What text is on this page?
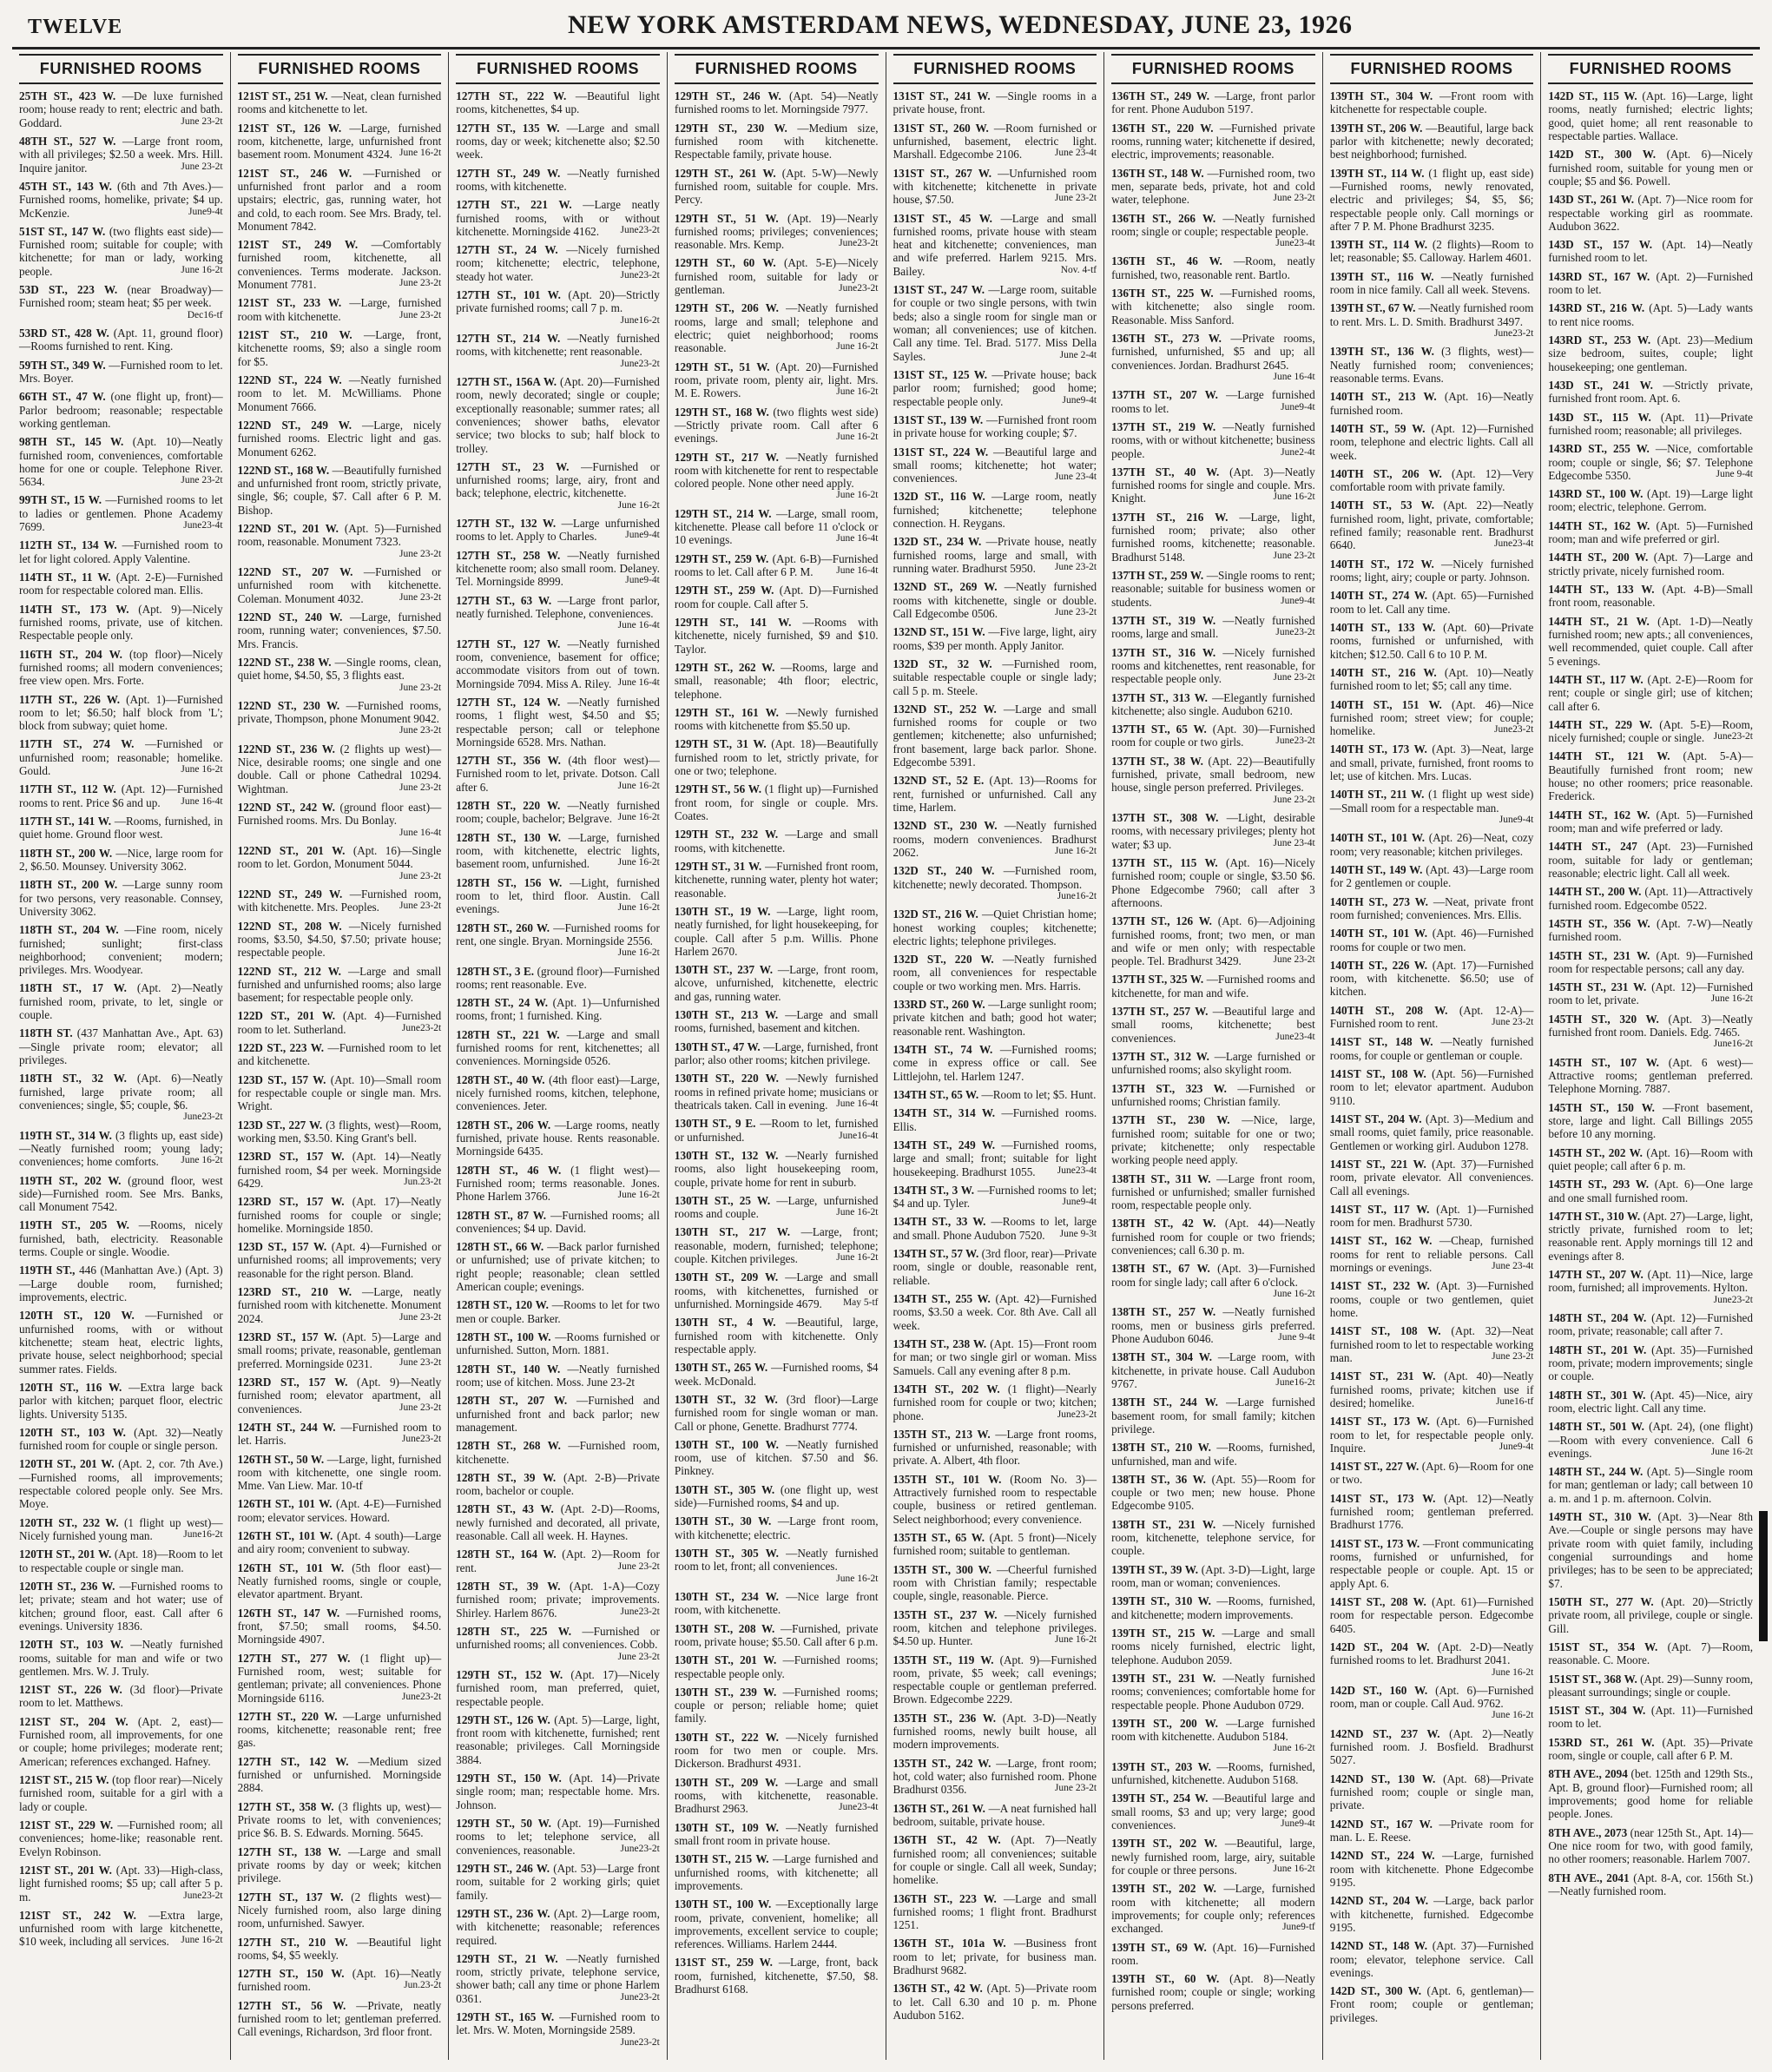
TWELVE	NEW YORK AMSTERDAM NEWS, WEDNESDAY, JUNE 23, 1926
FURNISHED ROOMS

25TH ST., 423 W. —De luxe furnished room; house ready to rent; electric and bath. Goddard.	June 23-2t

48TH ST., 527 W. —Large front room, with all privileges; $2.50 a week. Mrs. Hill. Inquire janitor.	June 23-2t

45TH ST., 143 W. (6th and 7th Aves.)—Furnished rooms, homelike, private; $4 up. McKenzie.	June9-4t

51ST ST., 147 W. (two flights east side)—Furnished room; suitable for couple; with kitchenette; for man or lady, working people.	June 16-2t

53D ST., 223 W. (near Broadway)—Furnished room; steam heat; $5 per week.
Dec16-tf

53RD ST., 428 W. (Apt. 11, ground floor)—Rooms furnished to rent. King.

59TH ST., 349 W. —Furnished room to let. Mrs. Boyer.

66TH ST., 47 W. (one flight up, front)—Parlor bedroom; reasonable; respectable working gentleman.

98TH ST., 145 W. (Apt. 10)—Neatly furnished room, conveniences, comfortable home for one or couple. Telephone River. 5634.	June 23-2t

99TH ST., 15 W. —Furnished rooms to let to ladies or gentlemen. Phone Academy 7699.	June23-4t

112TH ST., 134 W. —Furnished room to let for light colored. Apply Valentine.

114TH ST., 11 W. (Apt. 2-E)—Furnished room for respectable colored man. Ellis.

114TH ST., 173 W. (Apt. 9)—Nicely furnished rooms, private, use of kitchen. Respectable people only.

116TH ST., 204 W. (top floor)—Nicely furnished rooms; all modern conveniences; free view open. Mrs. Forte.

117TH ST., 226 W. (Apt. 1)—Furnished room to let; $6.50; half block from 'L'; block from subway; quiet home.

117TH ST., 274 W. —Furnished or unfurnished room; reasonable; homelike. Gould.	June 16-2t

117TH ST., 112 W. (Apt. 12)—Furnished rooms to rent. Price $6 and up. June 16-4t

117TH ST., 141 W. —Rooms, furnished, in quiet home. Ground floor west.

118TH ST., 200 W. —Nice, large room for 2, $6.50. Mounsey. University 3062.

118TH ST., 200 W. —Large sunny room for two persons, very reasonable. Connsey, University 3062.

118TH ST., 204 W. —Fine room, nicely furnished; sunlight; first-class neighborhood; convenient; modern; privileges. Mrs. Woodyear.

118TH ST., 17 W. (Apt. 2)—Neatly furnished room, private, to let, single or couple.

118TH ST. (437 Manhattan Ave., Apt. 63)—Single private room; elevator; all privileges.

118TH ST., 32 W. (Apt. 6)—Neatly furnished, large private room; all conveniences; single, $5; couple, $6.
June23-2t

119TH ST., 314 W. (3 flights up, east side)—Neatly furnished room; young lady; conveniences; home comforts. June 16-2t

119TH ST., 202 W. (ground floor, west side)—Furnished room. See Mrs. Banks, call Monument 7542.

119TH ST., 205 W. —Rooms, nicely furnished, bath, electricity. Reasonable terms. Couple or single. Woodie.

119TH ST., 446 (Manhattan Ave.) (Apt. 3)—Large double room, furnished; improvements, electric.

120TH ST., 120 W. —Furnished or unfurnished rooms, with or without kitchenette; steam heat, electric lights, private house, select neighborhood; special summer rates. Fields.

120TH ST., 116 W. —Extra large back parlor with kitchen; parquet floor, electric lights. University 5135.

120TH ST., 103 W. (Apt. 32)—Neatly furnished room for couple or single person.

120TH ST., 201 W. (Apt. 2, cor. 7th Ave.)—Furnished rooms, all improvements; respectable colored people only. See Mrs. Moye.

120TH ST., 232 W. (1 flight up west)—Nicely furnished young man.	June16-2t

120TH ST., 201 W. (Apt. 18)—Room to let to respectable couple or single man.

120TH ST., 236 W. —Furnished rooms to let; private; steam and hot water; use of kitchen; ground floor, east. Call after 6 evenings. University 1836.

120TH ST., 103 W. —Neatly furnished rooms, suitable for man and wife or two gentlemen. Mrs. W. J. Truly.

121ST ST., 226 W. (3d floor)—Private room to let. Matthews.

121ST ST., 204 W. (Apt. 2, east)—Furnished room, all improvements, for one or couple; home privileges; moderate rent; American; references exchanged. Hafney.

121ST ST., 215 W. (top floor rear)—Nicely furnished room, suitable for a girl with a lady or couple.

121ST ST., 229 W. —Furnished room; all conveniences; home-like; reasonable rent. Evelyn Robinson.

121ST ST., 201 W. (Apt. 33)—High-class, light furnished rooms; $5 up; call after 5 p. m.	June23-2t

121ST ST., 242 W. —Extra large, unfurnished room with large kitchenette, $10 week, including all services. June 16-2t

FURNISHED ROOMS

121ST ST., 251 W. —Neat, clean furnished rooms and kitchenette to let.

121ST ST., 126 W. —Large, furnished room, kitchenette, large, unfurnished front basement room. Monument 4324. June 16-2t

121ST ST., 246 W. —Furnished or unfurnished front parlor and a room upstairs; electric, gas, running water, hot and cold, to each room. See Mrs. Brady, tel. Monument 7842.

121ST ST., 249 W. —Comfortably furnished room, kitchenette, all conveniences. Terms moderate. Jackson. Monument 7781.	June 23-2t

121ST ST., 233 W. —Large, furnished room with kitchenette.	June 23-2t

121ST ST., 210 W. —Large, front, kitchenette rooms, $9; also a single room for $5.

122ND ST., 224 W. —Neatly furnished room to let. M. McWilliams. Phone Monument 7666.

122ND ST., 249 W. —Large, nicely furnished rooms. Electric light and gas. Monument 6262.

122ND ST., 168 W. —Beautifully furnished and unfurnished front room, strictly private, single, $6; couple, $7. Call after 6 P. M. Bishop.

122ND ST., 201 W. (Apt. 5)—Furnished room, reasonable. Monument 7323.
June 23-2t

122ND ST., 207 W. —Furnished or unfurnished room with kitchenette. Coleman. Monument 4032.	June 23-2t

122ND ST., 240 W. —Large, furnished room, running water; conveniences, $7.50. Mrs. Francis.

122ND ST., 238 W. —Single rooms, clean, quiet home, $4.50, $5, 3 flights east.
June 23-2t

122ND ST., 230 W. —Furnished rooms, private, Thompson, phone Monument 9042.
June 23-2t

122ND ST., 236 W. (2 flights up west)—Nice, desirable rooms; one single and one double. Call or phone Cathedral 10294. Wightman.	June 23-2t

122ND ST., 242 W. (ground floor east)—Furnished rooms. Mrs. Du Bonlay.
June 16-4t

122ND ST., 201 W. (Apt. 16)—Single room to let. Gordon, Monument 5044.
June 23-2t

122ND ST., 249 W. —Furnished room, with kitchenette. Mrs. Peoples. June 23-2t

122ND ST., 208 W. —Nicely furnished rooms, $3.50, $4.50, $7.50; private house; respectable people.

122ND ST., 212 W. —Large and small furnished and unfurnished rooms; also large basement; for respectable people only.

122D ST., 201 W. (Apt. 4)—Furnished room to let. Sutherland.	June23-2t

122D ST., 223 W. —Furnished room to let and kitchenette.

123D ST., 157 W. (Apt. 10)—Small room for respectable couple or single man. Mrs. Wright.

123D ST., 227 W. (3 flights, west)—Room, working men, $3.50. King Grant's bell.

123RD ST., 157 W. (Apt. 14)—Neatly furnished room, $4 per week. Morningside 6429.	Jun.23-2t

123RD ST., 157 W. (Apt. 17)—Neatly furnished rooms for couple or single; homelike. Morningside 1850.

123D ST., 157 W. (Apt. 4)—Furnished or unfurnished rooms; all improvements; very reasonable for the right person. Bland.

123RD ST., 210 W. —Large, neatly furnished room with kitchenette. Monument 2024.	June 23-2t

123RD ST., 157 W. (Apt. 5)—Large and small rooms; private, reasonable, gentleman preferred. Morningside 0231.	June 23-2t

123RD ST., 157 W. (Apt. 9)—Neatly furnished room; elevator apartment, all conveniences.	June 23-2t

124TH ST., 244 W. —Furnished room to let. Harris.	June23-2t

126TH ST., 50 W. —Large, light, furnished room with kitchenette, one single room. Mme. Van Liew. Mar. 10-tf

126TH ST., 101 W. (Apt. 4-E)—Furnished room; elevator services. Howard.

126TH ST., 101 W. (Apt. 4 south)—Large and airy room; convenient to subway.

126TH ST., 101 W. (5th floor east)—Neatly furnished rooms, single or couple, elevator apartment. Bryant.

126TH ST., 147 W. —Furnished rooms, front, $7.50; small rooms, $4.50. Morningside 4907.

127TH ST., 277 W. (1 flight up)—Furnished room, west; suitable for gentleman; private; all conveniences. Phone Morningside 6116.	June23-2t

127TH ST., 220 W. —Large unfurnished rooms, kitchenette; reasonable rent; free gas.

127TH ST., 142 W. —Medium sized furnished or unfurnished. Morningside 2884.

127TH ST., 358 W. (3 flights up, west)—Private rooms to let, with conveniences; price $6. B. S. Edwards. Morning. 5645.

127TH ST., 138 W. —Large and small private rooms by day or week; kitchen privilege.

127TH ST., 137 W. (2 flights west)—Nicely furnished room, also large dining room, unfurnished. Sawyer.

127TH ST., 210 W. —Beautiful light rooms, $4, $5 weekly.

127TH ST., 150 W. (Apt. 16)—Neatly furnished room.	Jun.23-2t

127TH ST., 56 W. —Private, neatly furnished room to let; gentleman preferred. Call evenings, Richardson, 3rd floor front.

FURNISHED ROOMS

127TH ST., 222 W. —Beautiful light rooms, kitchenettes, $4 up.

127TH ST., 135 W. —Large and small rooms, day or week; kitchenette also; $2.50 week.

127TH ST., 249 W. —Neatly furnished rooms, with kitchenette.

127TH ST., 221 W. —Large neatly furnished rooms, with or without kitchenette. Morningside 4162. June23-2t

127TH ST., 24 W. —Nicely furnished room; kitchenette; electric, telephone, steady hot water.	June23-2t

127TH ST., 101 W. (Apt. 20)—Strictly private furnished rooms; call 7 p. m.
June16-2t

127TH ST., 214 W. —Neatly furnished rooms, with kitchenette; rent reasonable.
June23-2t

127TH ST., 156A W. (Apt. 20)—Furnished room, newly decorated; single or couple; exceptionally reasonable; summer rates; all conveniences; shower baths, elevator service; two blocks to sub; half block to trolley.

127TH ST., 23 W. —Furnished or unfurnished rooms; large, airy, front and back; telephone, electric, kitchenette.
June 16-2t

127TH ST., 132 W. —Large unfurnished rooms to let. Apply to Charles.	June9-4t

127TH ST., 258 W. —Neatly furnished kitchenette room; also small room. Delaney. Tel. Morningside 8999.	June9-4t

127TH ST., 63 W. —Large front parlor, neatly furnished. Telephone, conveniences.
June 16-4t

127TH ST., 127 W. —Neatly furnished room, convenience, basement for office; accommodate visitors from out of town. Morningside 7094. Miss A. Riley. June 16-4t

127TH ST., 124 W. —Neatly furnished rooms, 1 flight west, $4.50 and $5; respectable person; call or telephone Morningside 6528. Mrs. Nathan.

127TH ST., 356 W. (4th floor west)—Furnished room to let, private. Dotson. Call after 6.	June 16-2t

128TH ST., 220 W. —Neatly furnished room; couple, bachelor; Belgrave. June 16-2t

128TH ST., 130 W. —Large, furnished room, with kitchenette, electric lights, basement room, unfurnished.	June 16-2t

128TH ST., 156 W. —Light, furnished room to let, third floor. Austin. Call evenings.	June 16-2t

128TH ST., 260 W. —Furnished rooms for rent, one single. Bryan. Morningside 2556.
June 16-2t

128TH ST., 3 E. (ground floor)—Furnished rooms; rent reasonable. Eve.

128TH ST., 24 W. (Apt. 1)—Unfurnished rooms, front; 1 furnished. King.

128TH ST., 221 W. —Large and small furnished rooms for rent, kitchenettes; all conveniences. Morningside 0526.

128TH ST., 40 W. (4th floor east)—Large, nicely furnished rooms, kitchen, telephone, conveniences. Jeter.

128TH ST., 206 W. —Large rooms, neatly furnished, private house. Rents reasonable. Morningside 6435.

128TH ST., 46 W. (1 flight west)—Furnished room; terms reasonable. Jones. Phone Harlem 3766.	June 16-2t

128TH ST., 87 W. —Furnished rooms; all conveniences; $4 up. David.

128TH ST., 66 W. —Back parlor furnished or unfurnished; use of private kitchen; to right people; reasonable; clean settled American couple; evenings.

128TH ST., 120 W. —Rooms to let for two men or couple. Barker.

128TH ST., 100 W. —Rooms furnished or unfurnished. Sutton, Morn. 1881.

128TH ST., 140 W. —Neatly furnished room; use of kitchen. Moss. June 23-2t

128TH ST., 207 W. —Furnished and unfurnished front and back parlor; new management.

128TH ST., 268 W. —Furnished room, kitchenette.

128TH ST., 39 W. (Apt. 2-B)—Private room, bachelor or couple.

128TH ST., 43 W. (Apt. 2-D)—Rooms, newly furnished and decorated, all private, reasonable. Call all week. H. Haynes.

128TH ST., 164 W. (Apt. 2)—Room for rent.	June 23-2t

128TH ST., 39 W. (Apt. 1-A)—Cozy furnished room; private; improvements. Shirley. Harlem 8676.	June23-2t

128TH ST., 225 W. —Furnished or unfurnished rooms; all conveniences. Cobb.
June 23-2t

129TH ST., 152 W. (Apt. 17)—Nicely furnished room, man preferred, quiet, respectable people.

129TH ST., 126 W. (Apt. 5)—Large, light, front room with kitchenette, furnished; rent reasonable; privileges. Call Morningside 3884.

129TH ST., 150 W. (Apt. 14)—Private single room; man; respectable home. Mrs. Johnson.

129TH ST., 50 W. (Apt. 19)—Furnished rooms to let; telephone service, all conveniences, reasonable.	June23-2t

129TH ST., 246 W. (Apt. 53)—Large front room, suitable for 2 working girls; quiet family.

129TH ST., 236 W. (Apt. 2)—Large room, with kitchenette; reasonable; references required.

129TH ST., 21 W. —Neatly furnished room, strictly private, telephone service, shower bath; call any time or phone Harlem 0361.	June23-2t

129TH ST., 165 W. —Furnished room to let. Mrs. W. Moten, Morningside 2589.
June23-2t

FURNISHED ROOMS

129TH ST., 246 W. (Apt. 54)—Neatly furnished rooms to let. Morningside 7977.

129TH ST., 230 W. —Medium size, furnished room with kitchenette. Respectable family, private house.

129TH ST., 261 W. (Apt. 5-W)—Newly furnished room, suitable for couple. Mrs. Percy.

129TH ST., 51 W. (Apt. 19)—Nearly furnished rooms; privileges; conveniences; reasonable. Mrs. Kemp.	June23-2t

129TH ST., 60 W. (Apt. 5-E)—Nicely furnished room, suitable for lady or gentleman.	June23-2t

129TH ST., 206 W. —Neatly furnished rooms, large and small; telephone and electric; quiet neighborhood; rooms reasonable.	June 16-2t

129TH ST., 51 W. (Apt. 20)—Furnished room, private room, plenty air, light. Mrs. M. E. Rowers.	June 16-2t

129TH ST., 168 W. (two flights west side)—Strictly private room. Call after 6 evenings.	June 16-2t

129TH ST., 217 W. —Neatly furnished room with kitchenette for rent to respectable colored people. None other need apply.
June 16-2t

129TH ST., 214 W. —Large, small room, kitchenette. Please call before 11 o'clock or 10 evenings.	June 16-4t

129TH ST., 259 W. (Apt. 6-B)—Furnished rooms to let. Call after 6 P. M. June 16-4t

129TH ST., 259 W. (Apt. D)—Furnished room for couple. Call after 5.

129TH ST., 141 W. —Rooms with kitchenette, nicely furnished, $9 and $10. Taylor.

129TH ST., 262 W. —Rooms, large and small, reasonable; 4th floor; electric, telephone.

129TH ST., 161 W. —Newly furnished rooms with kitchenette from $5.50 up.

129TH ST., 31 W. (Apt. 18)—Beautifully furnished room to let, strictly private, for one or two; telephone.

129TH ST., 56 W. (1 flight up)—Furnished front room, for single or couple. Mrs. Coates.

129TH ST., 232 W. —Large and small rooms, with kitchenette.

129TH ST., 31 W. —Furnished front room, kitchenette, running water, plenty hot water; reasonable.

130TH ST., 19 W. —Large, light room, neatly furnished, for light housekeeping, for couple. Call after 5 p.m. Willis. Phone Harlem 2670.

130TH ST., 237 W. —Large, front room, alcove, unfurnished, kitchenette, electric and gas, running water.

130TH ST., 213 W. —Large and small rooms, furnished, basement and kitchen.

130TH ST., 47 W. —Large, furnished, front parlor; also other rooms; kitchen privilege.

130TH ST., 220 W. —Newly furnished rooms in refined private home; musicians or theatricals taken. Call in evening. June 16-4t

130TH ST., 9 E. —Room to let, furnished or unfurnished.	June16-4t

130TH ST., 132 W. —Nearly furnished rooms, also light housekeeping room, couple, private home for rent in suburb.

130TH ST., 25 W. —Large, unfurnished rooms and couple.	June 16-2t

130TH ST., 217 W. —Large, front; reasonable, modern, furnished; telephone; couple. Kitchen privileges.	June 16-2t

130TH ST., 209 W. —Large and small rooms, with kitchenettes, furnished or unfurnished. Morningside 4679. May 5-tf

130TH ST., 4 W. —Beautiful, large, furnished room with kitchenette. Only respectable apply.

130TH ST., 265 W. —Furnished rooms, $4 week. McDonald.

130TH ST., 32 W. (3rd floor)—Large furnished room for single woman or man. Call or phone, Genette. Bradhurst 7774.

130TH ST., 100 W. —Neatly furnished room, use of kitchen. $7.50 and $6. Pinkney.

130TH ST., 305 W. (one flight up, west side)—Furnished rooms, $4 and up.

130TH ST., 30 W. —Large front room, with kitchenette; electric.

130TH ST., 305 W. —Neatly furnished room to let, front; all conveniences.
June 16-2t

130TH ST., 234 W. —Nice large front room, with kitchenette.

130TH ST., 208 W. —Furnished, private room, private house; $5.50. Call after 6 p.m.

130TH ST., 201 W. —Furnished rooms; respectable people only.

130TH ST., 239 W. —Furnished rooms; couple or person; reliable home; quiet family.

130TH ST., 222 W. —Nicely furnished room for two men or couple. Mrs. Dickerson. Bradhurst 4931.

130TH ST., 209 W. —Large and small rooms, with kitchenette, reasonable. Bradhurst 2963.	June23-4t

130TH ST., 109 W. —Neatly furnished small front room in private house.

130TH ST., 215 W. —Large furnished and unfurnished rooms, with kitchenette; all improvements.

130TH ST., 100 W. —Exceptionally large room, private, convenient, homelike; all improvements, excellent service to couple; references. Williams. Harlem 2444.

131ST ST., 259 W. —Large, front, back room, furnished, kitchenette, $7.50, $8. Bradhurst 6168.

FURNISHED ROOMS

131ST ST., 241 W. —Single rooms in a private house, front.

131ST ST., 260 W. —Room furnished or unfurnished, basement, electric light. Marshall. Edgecombe 2106.	June 23-4t

131ST ST., 267 W. —Unfurnished room with kitchenette; kitchenette in private house, $7.50.	June 23-2t

131ST ST., 45 W. —Large and small furnished rooms, private house with steam heat and kitchenette; conveniences, man and wife preferred. Harlem 9215. Mrs. Bailey.	Nov. 4-tf

131ST ST., 247 W. —Large room, suitable for couple or two single persons, with twin beds; also a single room for single man or woman; all conveniences; use of kitchen. Call any time. Tel. Brad. 5177. Miss Della Sayles.	June 2-4t

131ST ST., 125 W. —Private house; back parlor room; furnished; good home; respectable people only.	June9-4t

131ST ST., 139 W. —Furnished front room in private house for working couple; $7.

131ST ST., 224 W. —Beautiful large and small rooms; kitchenette; hot water; conveniences.	June 23-4t

132D ST., 116 W. —Large room, neatly furnished; kitchenette; telephone connection. H. Reygans.

132D ST., 234 W. —Private house, neatly furnished rooms, large and small, with running water. Bradhurst 5950. June 23-2t

132ND ST., 269 W. —Neatly furnished rooms with kitchenette, single or double. Call Edgecombe 0506.	June 23-2t

132ND ST., 151 W. —Five large, light, airy rooms, $39 per month. Apply Janitor.

132D ST., 32 W. —Furnished room, suitable respectable couple or single lady; call 5 p. m. Steele.

132ND ST., 252 W. —Large and small furnished rooms for couple or two gentlemen; kitchenette; also unfurnished; front basement, large back parlor. Shone. Edgecombe 5391.

132ND ST., 52 E. (Apt. 13)—Rooms for rent, furnished or unfurnished. Call any time, Harlem.

132ND ST., 230 W. —Neatly furnished rooms, modern conveniences. Bradhurst 2062.	June 16-2t

132D ST., 240 W. —Furnished room, kitchenette; newly decorated. Thompson.
June16-2t

132D ST., 216 W. —Quiet Christian home; honest working couples; kitchenette; electric lights; telephone privileges.

132D ST., 220 W. —Neatly furnished room, all conveniences for respectable couple or two working men. Mrs. Harris.

133RD ST., 260 W. —Large sunlight room; private kitchen and bath; good hot water; reasonable rent. Washington.

134TH ST., 74 W. —Furnished rooms; come in express office or call. See Littlejohn, tel. Harlem 1247.

134TH ST., 65 W. —Room to let; $5. Hunt.

134TH ST., 314 W. —Furnished rooms. Ellis.

134TH ST., 249 W. —Furnished rooms, large and small; front; suitable for light housekeeping. Bradhurst 1055. June23-4t

134TH ST., 3 W. —Furnished rooms to let; $4 and up. Tyler.	June9-4t

134TH ST., 33 W. —Rooms to let, large and small. Phone Audubon 7520. June 9-3t

134TH ST., 57 W. (3rd floor, rear)—Private room, single or double, reasonable rent, reliable.

134TH ST., 255 W. (Apt. 42)—Furnished rooms, $3.50 a week. Cor. 8th Ave. Call all week.

134TH ST., 238 W. (Apt. 15)—Front room for man; or two single girl or woman. Miss Samuels. Call any evening after 8 p.m.

134TH ST., 202 W. (1 flight)—Nearly furnished room for couple or two; kitchen; phone.	June23-2t

135TH ST., 213 W. —Large front rooms, furnished or unfurnished, reasonable; with private. A. Albert, 4th floor.

135TH ST., 101 W. (Room No. 3)—Attractively furnished room to respectable couple, business or retired gentleman. Select neighborhood; every convenience.

135TH ST., 65 W. (Apt. 5 front)—Nicely furnished room; suitable to gentleman.

135TH ST., 300 W. —Cheerful furnished room with Christian family; respectable couple, single, reasonable. Pierce.

135TH ST., 237 W. —Nicely furnished room, kitchen and telephone privileges. $4.50 up. Hunter.	June 16-2t

135TH ST., 119 W. (Apt. 9)—Furnished room, private, $5 week; call evenings; respectable couple or gentleman preferred. Brown. Edgecombe 2229.

135TH ST., 236 W. (Apt. 3-D)—Neatly furnished rooms, newly built house, all modern improvements.

135TH ST., 242 W. —Large, front room; hot, cold water; also furnished room. Phone Bradhurst 0356.	June 23-2t

136TH ST., 261 W. —A neat furnished hall bedroom, suitable, private house.

136TH ST., 42 W. (Apt. 7)—Neatly furnished room; all conveniences; suitable for couple or single. Call all week, Sunday; homelike.

136TH ST., 223 W. —Large and small furnished rooms; 1 flight front. Bradhurst 1251.

136TH ST., 101a W. —Business front room to let; private, for business man. Bradhurst 9682.

136TH ST., 42 W. (Apt. 5)—Private room to let. Call 6.30 and 10 p. m. Phone Audubon 5162.

FURNISHED ROOMS

136TH ST., 249 W. —Large, front parlor for rent. Phone Audubon 5197.

136TH ST., 220 W. —Furnished private rooms, running water; kitchenette if desired, electric, improvements; reasonable.

136TH ST., 148 W. —Furnished room, two men, separate beds, private, hot and cold water, telephone.	June 23-2t

136TH ST., 266 W. —Neatly furnished room; single or couple; respectable people.
June23-4t

136TH ST., 46 W. —Room, neatly furnished, two, reasonable rent. Bartlo.

136TH ST., 225 W. —Furnished rooms, with kitchenette; also single room. Reasonable. Miss Sanford.

136TH ST., 273 W. —Private rooms, furnished, unfurnished, $5 and up; all conveniences. Jordan. Bradhurst 2645.
June 16-4t

137TH ST., 207 W. —Large furnished rooms to let.	June9-4t

137TH ST., 219 W. —Neatly furnished rooms, with or without kitchenette; business people.	June2-4t

137TH ST., 40 W. (Apt. 3)—Neatly furnished rooms for single and couple. Mrs. Knight.	June 16-2t

137TH ST., 216 W. —Large, light, furnished room; private; also other furnished rooms, kitchenette; reasonable. Bradhurst 5148.	June 23-2t

137TH ST., 259 W. —Single rooms to rent; reasonable; suitable for business women or students.	June9-4t

137TH ST., 319 W. —Neatly furnished rooms, large and small.	June23-2t

137TH ST., 316 W. —Nicely furnished rooms and kitchenettes, rent reasonable, for respectable people only.	June 23-2t

137TH ST., 313 W. —Elegantly furnished kitchenette; also single. Audubon 6210.

137TH ST., 65 W. (Apt. 30)—Furnished room for couple or two girls.	June23-2t

137TH ST., 38 W. (Apt. 22)—Beautifully furnished, private, small bedroom, new house, single person preferred. Privileges.
June 23-2t

137TH ST., 308 W. —Light, desirable rooms, with necessary privileges; plenty hot water; $3 up.	June 23-4t

137TH ST., 115 W. (Apt. 16)—Nicely furnished room; couple or single, $3.50 $6. Phone Edgecombe 7960; call after 3 afternoons.

137TH ST., 126 W. (Apt. 6)—Adjoining furnished rooms, front; two men, or man and wife or men only; with respectable people. Tel. Bradhurst 3429.	June 23-2t

137TH ST., 325 W. —Furnished rooms and kitchenette, for man and wife.

137TH ST., 257 W. —Beautiful large and small rooms, kitchenette; best conveniences.	June23-4t

137TH ST., 312 W. —Large furnished or unfurnished rooms; also skylight room.

137TH ST., 323 W. —Furnished or unfurnished rooms; Christian family.

137TH ST., 230 W. —Nice, large, furnished room; suitable for one or two; private; kitchenette; only respectable working people need apply.

138TH ST., 311 W. —Large front room, furnished or unfurnished; smaller furnished room, respectable people only.

138TH ST., 42 W. (Apt. 44)—Neatly furnished room for couple or two friends; conveniences; call 6.30 p. m.

138TH ST., 67 W. (Apt. 3)—Furnished room for single lady; call after 6 o'clock.
June 16-2t

138TH ST., 257 W. —Neatly furnished rooms, men or business girls preferred. Phone Audubon 6046.	June 9-4t

138TH ST., 304 W. —Large room, with kitchenette, in private house. Call Audubon 9767.	June16-2t

138TH ST., 244 W. —Large furnished basement room, for small family; kitchen privilege.

138TH ST., 210 W. —Rooms, furnished, unfurnished, man and wife.

138TH ST., 36 W. (Apt. 55)—Room for couple or two men; new house. Phone Edgecombe 9105.

138TH ST., 231 W. —Nicely furnished room, kitchenette, telephone service, for couple.

139TH ST., 39 W. (Apt. 3-D)—Light, large room, man or woman; conveniences.

139TH ST., 310 W. —Rooms, furnished, and kitchenette; modern improvements.

139TH ST., 215 W. —Large and small rooms nicely furnished, electric light, telephone. Audubon 2059.

139TH ST., 231 W. —Neatly furnished rooms; conveniences; comfortable home for respectable people. Phone Audubon 0729.

139TH ST., 200 W. —Large furnished room with kitchenette. Audubon 5184.
June 16-2t

139TH ST., 203 W. —Rooms, furnished, unfurnished, kitchenette. Audubon 5168.

139TH ST., 254 W. —Beautiful large and small rooms, $3 and up; very large; good conveniences.	June9-4t

139TH ST., 202 W. —Beautiful, large, newly furnished room, large, airy, suitable for couple or three persons.	June 16-2t

139TH ST., 202 W. —Large, furnished room with kitchenette; all modern improvements; for couple only; references exchanged.	June9-tf

139TH ST., 69 W. (Apt. 16)—Furnished room.

139TH ST., 60 W. (Apt. 8)—Neatly furnished room; couple or single; working persons preferred.

FURNISHED ROOMS

139TH ST., 304 W. —Front room with kitchenette for respectable couple.

139TH ST., 206 W. —Beautiful, large back parlor with kitchenette; newly decorated; best neighborhood; furnished.

139TH ST., 114 W. (1 flight up, east side)—Furnished rooms, newly renovated, electric and privileges; $4, $5, $6; respectable people only. Call mornings or after 7 P. M. Phone Bradhurst 3235.

139TH ST., 114 W. (2 flights)—Room to let; reasonable; $5. Calloway. Harlem 4601.

139TH ST., 116 W. —Neatly furnished room in nice family. Call all week. Stevens.

139TH ST., 67 W. —Neatly furnished room to rent. Mrs. L. D. Smith. Bradhurst 3497.
June23-2t

139TH ST., 136 W. (3 flights, west)—Neatly furnished room; conveniences; reasonable terms. Evans.

140TH ST., 213 W. (Apt. 16)—Neatly furnished room.

140TH ST., 59 W. (Apt. 12)—Furnished room, telephone and electric lights. Call all week.

140TH ST., 206 W. (Apt. 12)—Very comfortable room with private family.

140TH ST., 53 W. (Apt. 22)—Neatly furnished room, light, private, comfortable; refined family; reasonable rent. Bradhurst 6640.	June23-4t

140TH ST., 172 W. —Nicely furnished rooms; light, airy; couple or party. Johnson.

140TH ST., 274 W. (Apt. 65)—Furnished room to let. Call any time.

140TH ST., 133 W. (Apt. 60)—Private rooms, furnished or unfurnished, with kitchen; $12.50. Call 6 to 10 P. M.

140TH ST., 216 W. (Apt. 10)—Neatly furnished room to let; $5; call any time.

140TH ST., 151 W. (Apt. 46)—Nice furnished room; street view; for couple; homelike.	June23-2t

140TH ST., 173 W. (Apt. 3)—Neat, large and small, private, furnished, front rooms to let; use of kitchen. Mrs. Lucas.

140TH ST., 211 W. (1 flight up west side)—Small room for a respectable man.
June9-4t

140TH ST., 101 W. (Apt. 26)—Neat, cozy room; very reasonable; kitchen privileges.

140TH ST., 149 W. (Apt. 43)—Large room for 2 gentlemen or couple.

140TH ST., 273 W. —Neat, private front room furnished; conveniences. Mrs. Ellis.

140TH ST., 101 W. (Apt. 46)—Furnished rooms for couple or two men.

140TH ST., 226 W. (Apt. 17)—Furnished room, with kitchenette. $6.50; use of kitchen.

140TH ST., 208 W. (Apt. 12-A)—Furnished room to rent.	June 23-2t

141ST ST., 148 W. —Neatly furnished rooms, for couple or gentleman or couple.

141ST ST., 108 W. (Apt. 56)—Furnished room to let; elevator apartment. Audubon 9110.

141ST ST., 204 W. (Apt. 3)—Medium and small rooms, quiet family, price reasonable. Gentlemen or working girl. Audubon 1278.

141ST ST., 221 W. (Apt. 37)—Furnished room, private elevator. All conveniences. Call all evenings.

141ST ST., 117 W. (Apt. 1)—Furnished room for men. Bradhurst 5730.

141ST ST., 162 W. —Cheap, furnished rooms for rent to reliable persons. Call mornings or evenings.	June 23-4t

141ST ST., 232 W. (Apt. 3)—Furnished rooms, couple or two gentlemen, quiet home.

141ST ST., 108 W. (Apt. 32)—Neat furnished room to let to respectable working man.	June 23-2t

141ST ST., 231 W. (Apt. 40)—Neatly furnished rooms, private; kitchen use if desired; homelike.	June16-tf

141ST ST., 173 W. (Apt. 6)—Furnished room to let, for respectable people only. Inquire.	June9-4t

141ST ST., 227 W. (Apt. 6)—Room for one or two.

141ST ST., 173 W. (Apt. 12)—Neatly furnished room; gentleman preferred. Bradhurst 1776.

141ST ST., 173 W. —Front communicating rooms, furnished or unfurnished, for respectable people or couple. Apt. 15 or apply Apt. 6.

141ST ST., 208 W. (Apt. 61)—Furnished room for respectable person. Edgecombe 6405.

142D ST., 204 W. (Apt. 2-D)—Neatly furnished rooms to let. Bradhurst 2041.
June 16-2t

142D ST., 160 W. (Apt. 6)—Furnished room, man or couple. Call Aud. 9762.
June 16-2t

142ND ST., 237 W. (Apt. 2)—Neatly furnished room. J. Bosfield. Bradhurst 5027.

142ND ST., 130 W. (Apt. 68)—Private furnished room; couple or single man, private.

142ND ST., 167 W. —Private room for man. L. E. Reese.

142ND ST., 224 W. —Large, furnished room with kitchenette. Phone Edgecombe 9195.

142ND ST., 204 W. —Large, back parlor with kitchenette, furnished. Edgecombe 9195.

142ND ST., 148 W. (Apt. 37)—Furnished room; elevator, telephone service. Call evenings.

142D ST., 300 W. (Apt. 6, gentleman)—Front room; couple or gentleman; privileges.

FURNISHED ROOMS

142D ST., 115 W. (Apt. 16)—Large, light rooms, neatly furnished; electric lights; good, quiet home; all rent reasonable to respectable parties. Wallace.

142D ST., 300 W. (Apt. 6)—Nicely furnished room, suitable for young men or couple; $5 and $6. Powell.

143D ST., 261 W. (Apt. 7)—Nice room for respectable working girl as roommate. Audubon 3622.

143D ST., 157 W. (Apt. 14)—Neatly furnished room to let.

143RD ST., 167 W. (Apt. 2)—Furnished room to let.

143RD ST., 216 W. (Apt. 5)—Lady wants to rent nice rooms.

143RD ST., 253 W. (Apt. 23)—Medium size bedroom, suites, couple; light housekeeping; one gentleman.

143D ST., 241 W. —Strictly private, furnished front room. Apt. 6.

143D ST., 115 W. (Apt. 11)—Private furnished room; reasonable; all privileges.

143RD ST., 255 W. —Nice, comfortable room; couple or single, $6; $7. Telephone Edgecombe 5350.	June 9-4t

143RD ST., 100 W. (Apt. 19)—Large light room; electric, telephone. Gerrom.

144TH ST., 162 W. (Apt. 5)—Furnished room; man and wife preferred or girl.

144TH ST., 200 W. (Apt. 7)—Large and strictly private, nicely furnished room.

144TH ST., 133 W. (Apt. 4-B)—Small front room, reasonable.

144TH ST., 21 W. (Apt. 1-D)—Neatly furnished room; new apts.; all conveniences, well recommended, quiet couple. Call after 5 evenings.

144TH ST., 117 W. (Apt. 2-E)—Room for rent; couple or single girl; use of kitchen; call after 6.

144TH ST., 229 W. (Apt. 5-E)—Room, nicely furnished; couple or single. June23-2t

144TH ST., 121 W. (Apt. 5-A)—Beautifully furnished front room; new house; no other roomers; price reasonable. Frederick.

144TH ST., 162 W. (Apt. 5)—Furnished room; man and wife preferred or lady.

144TH ST., 247 (Apt. 23)—Furnished room, suitable for lady or gentleman; reasonable; electric light. Call all week.

144TH ST., 200 W. (Apt. 11)—Attractively furnished room. Edgecombe 0522.

145TH ST., 356 W. (Apt. 7-W)—Neatly furnished room.

145TH ST., 231 W. (Apt. 9)—Furnished room for respectable persons; call any day.

145TH ST., 231 W. (Apt. 12)—Furnished room to let, private.	June 16-2t

145TH ST., 320 W. (Apt. 3)—Neatly furnished front room. Daniels. Edg. 7465.
June16-2t

145TH ST., 107 W. (Apt. 6 west)—Attractive rooms; gentleman preferred. Telephone Morning. 7887.

145TH ST., 150 W. —Front basement, store, large and light. Call Billings 2055 before 10 any morning.

145TH ST., 202 W. (Apt. 16)—Room with quiet people; call after 6 p. m.

145TH ST., 293 W. (Apt. 6)—One large and one small furnished room.

147TH ST., 310 W. (Apt. 27)—Large, light, strictly private, furnished room to let; reasonable rent. Apply mornings till 12 and evenings after 8.

147TH ST., 207 W. (Apt. 11)—Nice, large room, furnished; all improvements. Hylton.
June23-2t

148TH ST., 204 W. (Apt. 12)—Furnished room, private; reasonable; call after 7.

148TH ST., 201 W. (Apt. 35)—Furnished room, private; modern improvements; single or couple.

148TH ST., 301 W. (Apt. 45)—Nice, airy room, electric light. Call any time.

148TH ST., 501 W. (Apt. 24), (one flight)—Room with every convenience. Call 6 evenings.	June 16-2t

148TH ST., 244 W. (Apt. 5)—Single room for man; gentleman or lady; call between 10 a. m. and 1 p. m. afternoon. Colvin.

149TH ST., 310 W. (Apt. 3)—Near 8th Ave.—Couple or single persons may have private room with quiet family, including congenial surroundings and home privileges; has to be seen to be appreciated; $7.

150TH ST., 277 W. (Apt. 20)—Strictly private room, all privilege, couple or single. Gill.

151ST ST., 354 W. (Apt. 7)—Room, reasonable. C. Moore.

151ST ST., 368 W. (Apt. 29)—Sunny room, pleasant surroundings; single or couple.

151ST ST., 304 W. (Apt. 11)—Furnished room to let.

153RD ST., 261 W. (Apt. 35)—Private room, single or couple, call after 6 P. M.

8TH AVE., 2094 (bet. 125th and 129th Sts., Apt. B, ground floor)—Furnished room; all improvements; good home for reliable people. Jones.

8TH AVE., 2073 (near 125th St., Apt. 14)—One nice room for two, with good family, no other roomers; reasonable. Harlem 7007.

8TH AVE., 2041 (Apt. 8-A, cor. 156th St.)—Neatly furnished room.
